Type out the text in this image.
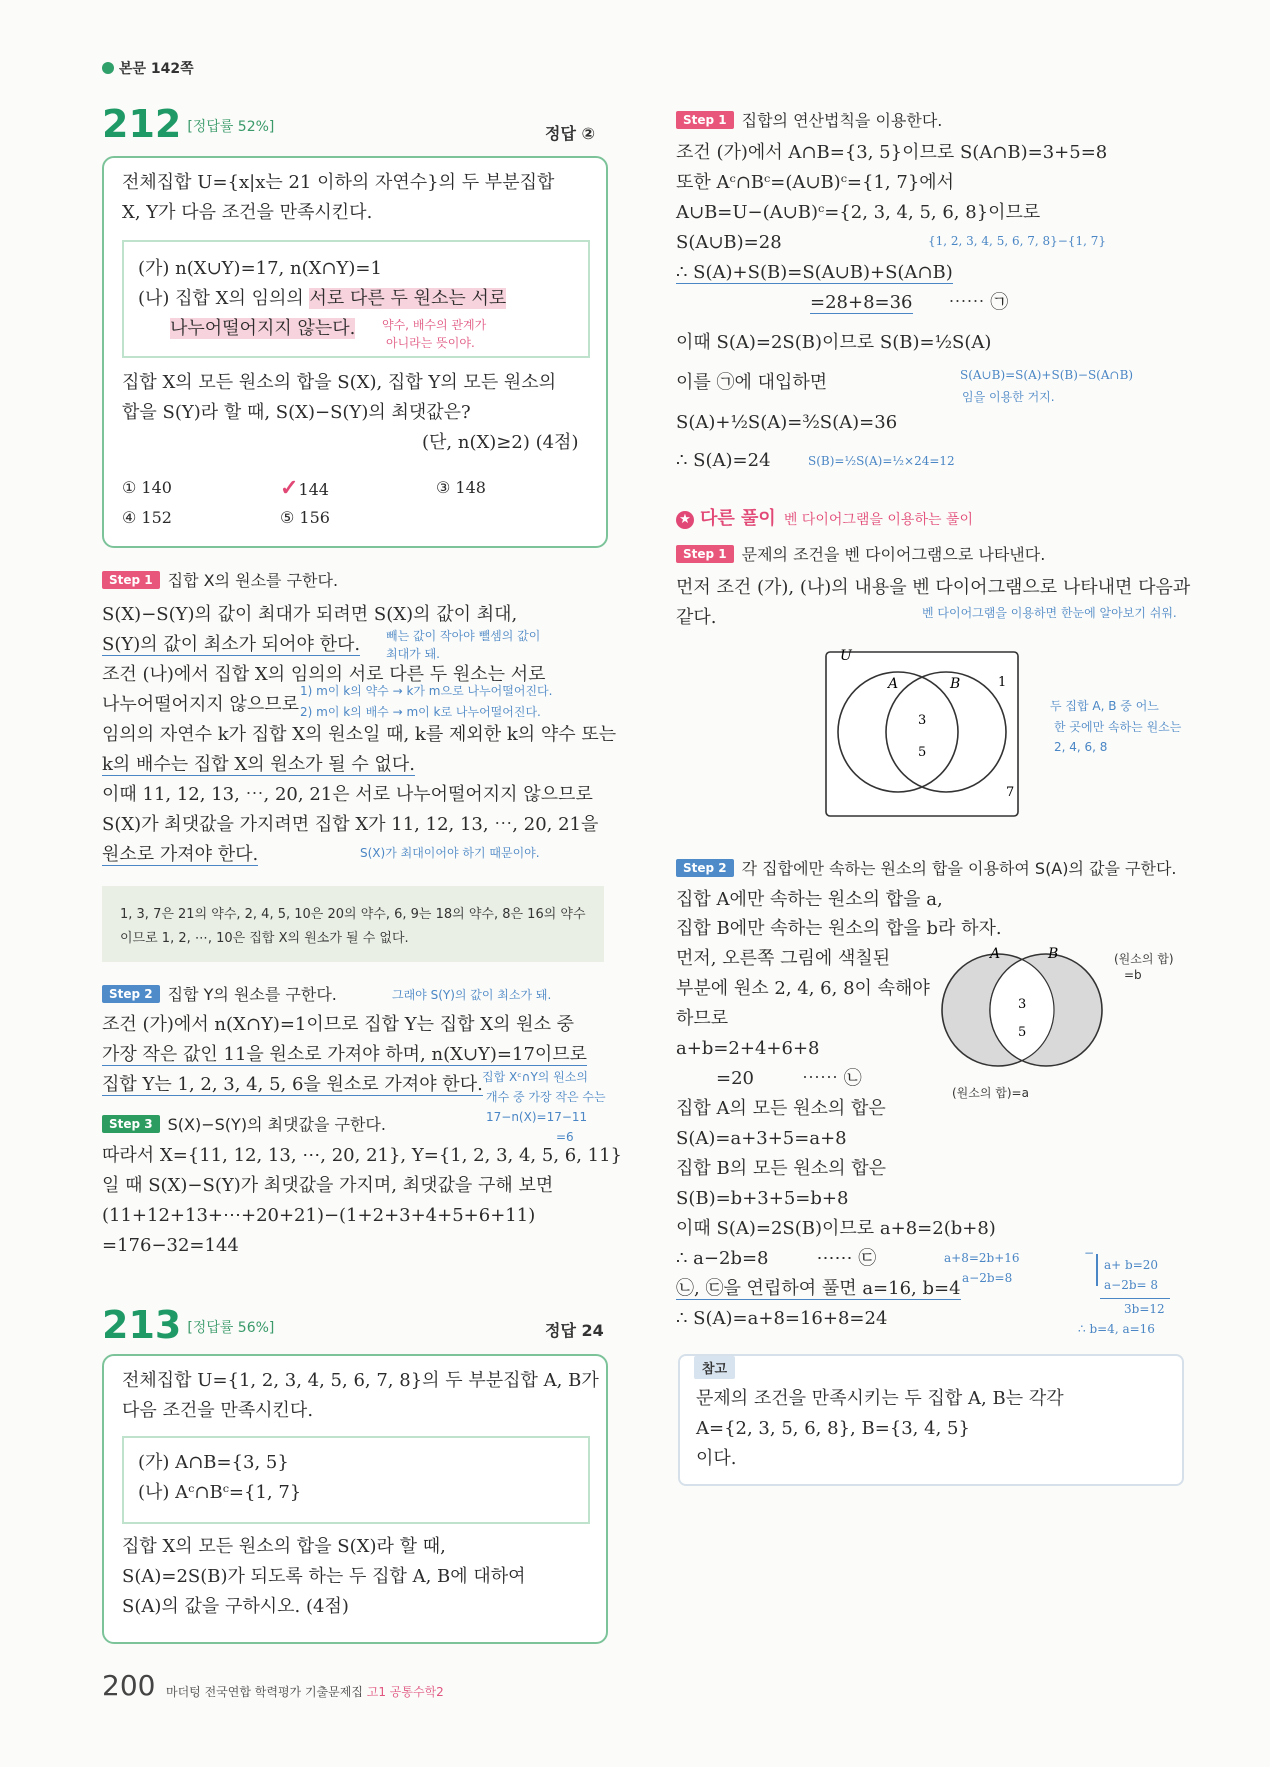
본문 142쪽
212 [정답률 52%]	정답 ②
전체집합 U={x|x는 21 이하의 자연수}의 두 부분집합
X, Y가 다음 조건을 만족시킨다.
(가) n(X∪Y)=17, n(X∩Y)=1
(나) 집합 X의 임의의 서로 다른 두 원소는 서로
나누어떨어지지 않는다. 약수, 배수의 관계가
아니라는 뜻이야.
집합 X의 모든 원소의 합을 S(X), 집합 Y의 모든 원소의
합을 S(Y)라 할 때, S(X)−S(Y)의 최댓값은?
(단, n(X)≥2) (4점)
① 140	✓144	③ 148
④ 152	⑤ 156
Step 1 집합 X의 원소를 구한다.
S(X)−S(Y)의 값이 최대가 되려면 S(X)의 값이 최대,
S(Y)의 값이 최소가 되어야 한다. 빼는 값이 작아야 뺄셈의 값이
최대가 돼.
조건 (나)에서 집합 X의 임의의 서로 다른 두 원소는 서로
나누어떨어지지 않으므로
1) m이 k의 약수 → k가 m으로 나누어떨어진다.
2) m이 k의 배수 → m이 k로 나누어떨어진다.
임의의 자연수 k가 집합 X의 원소일 때, k를 제외한 k의 약수 또는
k의 배수는 집합 X의 원소가 될 수 없다.
이때 11, 12, 13, ⋯, 20, 21은 서로 나누어떨어지지 않으므로
S(X)가 최댓값을 가지려면 집합 X가 11, 12, 13, ⋯, 20, 21을
원소로 가져야 한다.	S(X)가 최대이어야 하기 때문이야.
1, 3, 7은 21의 약수, 2, 4, 5, 10은 20의 약수, 6, 9는 18의 약수, 8은 16의 약수
이므로 1, 2, ⋯, 10은 집합 X의 원소가 될 수 없다.
Step 2 집합 Y의 원소를 구한다.	그래야 S(Y)의 값이 최소가 돼.
조건 (가)에서 n(X∩Y)=1이므로 집합 Y는 집합 X의 원소 중
가장 작은 값인 11을 원소로 가져야 하며, n(X∪Y)=17이므로
집합 Y는 1, 2, 3, 4, 5, 6을 원소로 가져야 한다. 집합 Xᶜ∩Y의 원소의
개수 중 가장 작은 수는
17−n(X)=17−11
=6
Step 3 S(X)−S(Y)의 최댓값을 구한다.
따라서 X={11, 12, 13, ⋯, 20, 21}, Y={1, 2, 3, 4, 5, 6, 11}
일 때 S(X)−S(Y)가 최댓값을 가지며, 최댓값을 구해 보면
(11+12+13+⋯+20+21)−(1+2+3+4+5+6+11)
=176−32=144
213 [정답률 56%]	정답 24
전체집합 U={1, 2, 3, 4, 5, 6, 7, 8}의 두 부분집합 A, B가
다음 조건을 만족시킨다.
(가) A∩B={3, 5}
(나) Aᶜ∩Bᶜ={1, 7}
집합 X의 모든 원소의 합을 S(X)라 할 때,
S(A)=2S(B)가 되도록 하는 두 집합 A, B에 대하여
S(A)의 값을 구하시오. (4점)
200 마더텅 전국연합 학력평가 기출문제집 고1 공통수학2
Step 1 집합의 연산법칙을 이용한다.
조건 (가)에서 A∩B={3, 5}이므로 S(A∩B)=3+5=8
또한 Aᶜ∩Bᶜ=(A∪B)ᶜ={1, 7}에서
A∪B=U−(A∪B)ᶜ={2, 3, 4, 5, 6, 8}이므로
S(A∪B)=28	{1, 2, 3, 4, 5, 6, 7, 8}−{1, 7}
∴ S(A)+S(B)=S(A∪B)+S(A∩B)
=28+8=36 ⋯⋯ ㉠
이때 S(A)=2S(B)이므로 S(B)=½S(A)
이를 ㉠에 대입하면	S(A∪B)=S(A)+S(B)−S(A∩B)
임을 이용한 거지.
S(A)+½S(A)=³⁄₂S(A)=36
∴ S(A)=24	S(B)=½S(A)=½×24=12
★ 다른 풀이 벤 다이어그램을 이용하는 풀이
Step 1 문제의 조건을 벤 다이어그램으로 나타낸다.
먼저 조건 (가), (나)의 내용을 벤 다이어그램으로 나타내면 다음과
같다.	벤 다이어그램을 이용하면 한눈에 알아보기 쉬워.
U
A	B	1
3
5
7
두 집합 A, B 중 어느
한 곳에만 속하는 원소는
2, 4, 6, 8
Step 2 각 집합에만 속하는 원소의 합을 이용하여 S(A)의 값을 구한다.
집합 A에만 속하는 원소의 합을 a,
집합 B에만 속하는 원소의 합을 b라 하자.
먼저, 오른쪽 그림에 색칠된
부분에 원소 2, 4, 6, 8이 속해야
하므로
a+b=2+4+6+8
=20	⋯⋯ ㉡
A	B
3
5
(원소의 합)
=b
(원소의 합)=a
집합 A의 모든 원소의 합은
S(A)=a+3+5=a+8
집합 B의 모든 원소의 합은
S(B)=b+3+5=b+8
이때 S(A)=2S(B)이므로 a+8=2(b+8)
∴ a−2b=8	⋯⋯ ㉢	a+8=2b+16
a−2b=8
㉡, ㉢을 연립하여 풀면 a=16, b=4
∴ S(A)=a+8=16+8=24
−
a+ b=20
a−2b= 8
3b=12
∴ b=4, a=16
참고
문제의 조건을 만족시키는 두 집합 A, B는 각각
A={2, 3, 5, 6, 8}, B={3, 4, 5}
이다.
